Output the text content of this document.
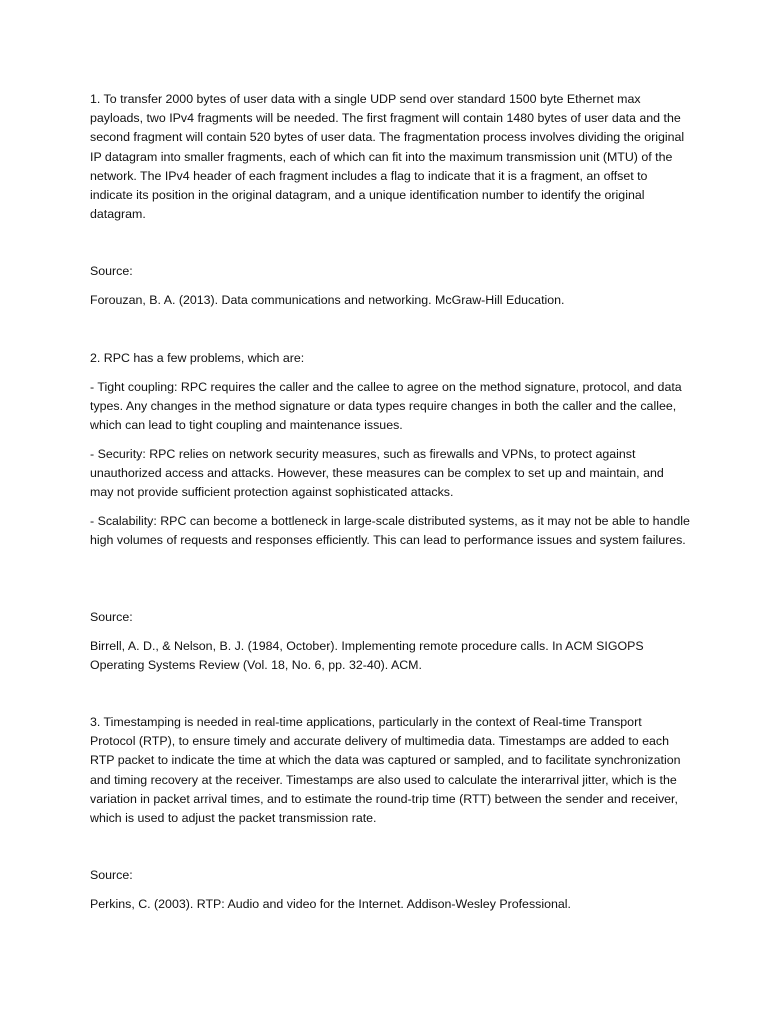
1. To transfer 2000 bytes of user data with a single UDP send over standard 1500 byte Ethernet max payloads, two IPv4 fragments will be needed. The first fragment will contain 1480 bytes of user data and the second fragment will contain 520 bytes of user data. The fragmentation process involves dividing the original IP datagram into smaller fragments, each of which can fit into the maximum transmission unit (MTU) of the network. The IPv4 header of each fragment includes a flag to indicate that it is a fragment, an offset to indicate its position in the original datagram, and a unique identification number to identify the original datagram.

Source:

Forouzan, B. A. (2013). Data communications and networking. McGraw-Hill Education.

2. RPC has a few problems, which are:

- Tight coupling: RPC requires the caller and the callee to agree on the method signature, protocol, and data types. Any changes in the method signature or data types require changes in both the caller and the callee, which can lead to tight coupling and maintenance issues.

- Security: RPC relies on network security measures, such as firewalls and VPNs, to protect against unauthorized access and attacks. However, these measures can be complex to set up and maintain, and may not provide sufficient protection against sophisticated attacks.

- Scalability: RPC can become a bottleneck in large-scale distributed systems, as it may not be able to handle high volumes of requests and responses efficiently. This can lead to performance issues and system failures.

Source:

Birrell, A. D., & Nelson, B. J. (1984, October). Implementing remote procedure calls. In ACM SIGOPS Operating Systems Review (Vol. 18, No. 6, pp. 32-40). ACM.

3. Timestamping is needed in real-time applications, particularly in the context of Real-time Transport Protocol (RTP), to ensure timely and accurate delivery of multimedia data. Timestamps are added to each RTP packet to indicate the time at which the data was captured or sampled, and to facilitate synchronization and timing recovery at the receiver. Timestamps are also used to calculate the interarrival jitter, which is the variation in packet arrival times, and to estimate the round-trip time (RTT) between the sender and receiver, which is used to adjust the packet transmission rate.

Source:

Perkins, C. (2003). RTP: Audio and video for the Internet. Addison-Wesley Professional.
